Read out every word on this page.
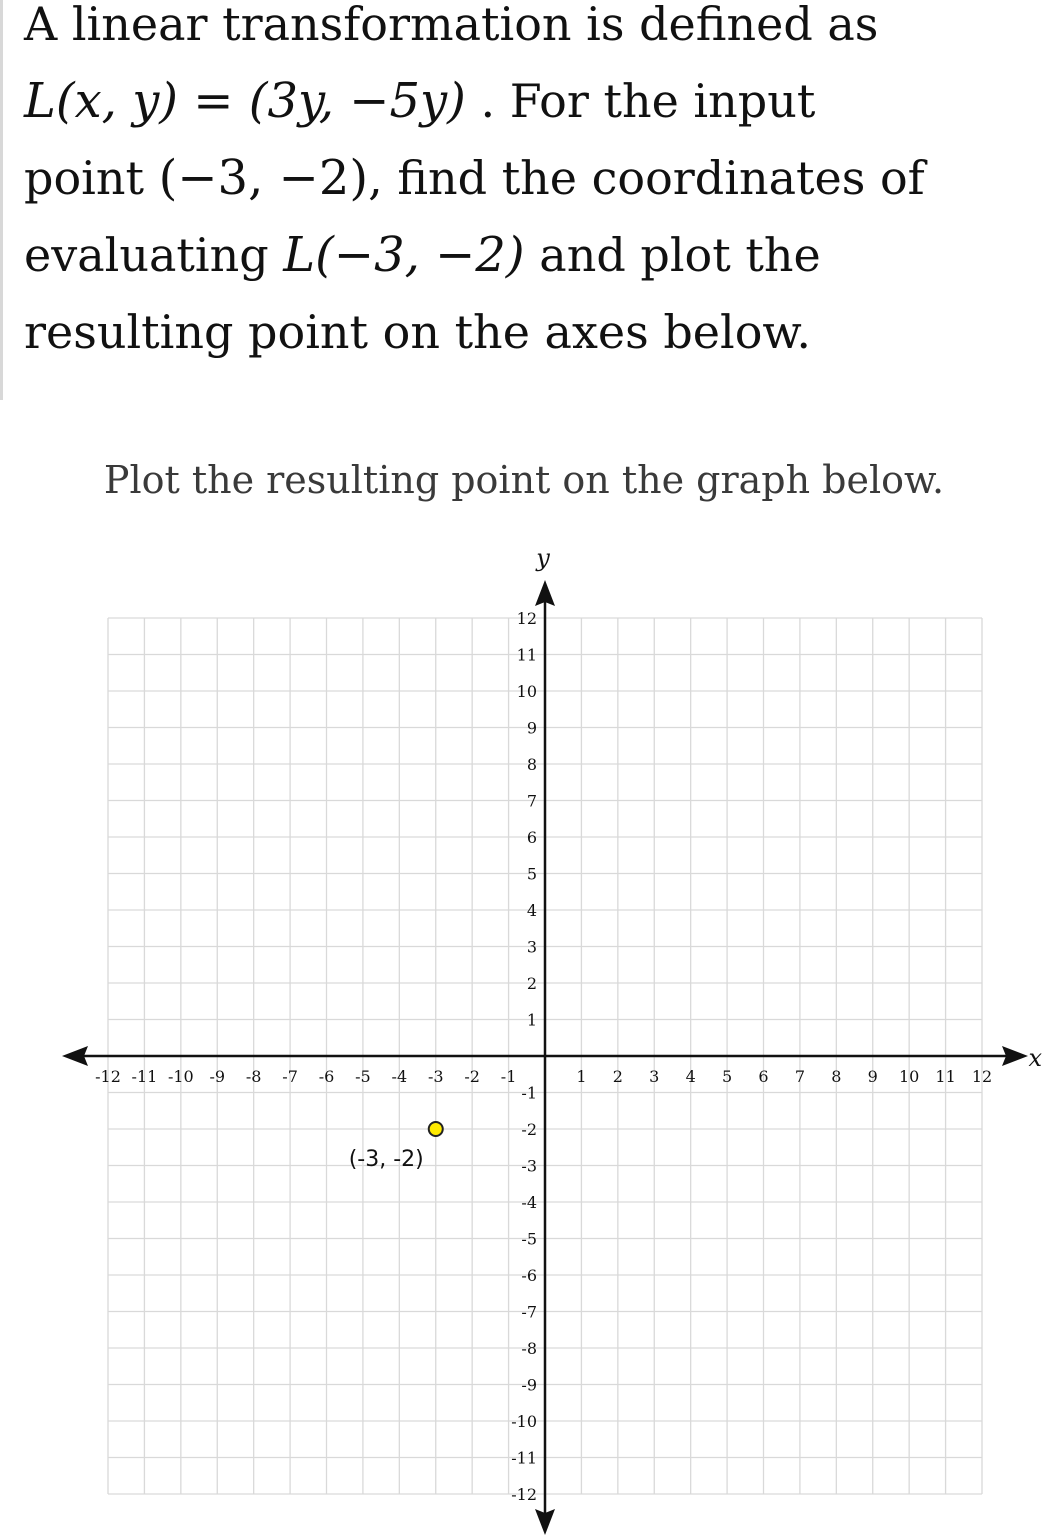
A linear transformation is defined as
L(x, y) = (3y, −5y) . For the input
point (−3, −2), find the coordinates of
evaluating L(−3, −2) and plot the
resulting point on the axes below.
Plot the resulting point on the graph below.
x
y
-12 -11 -10 -9 -8 -7 -6 -5 -4 -3 -2 -1	1 2 3 4 5 6 7 8 9 10 11 12
12
11
10
9
8
7
6
5
4
3
2
1
-1
-2
-3
-4
-5
-6
-7
-8
-9
-10
-11
-12
(-3, -2)
